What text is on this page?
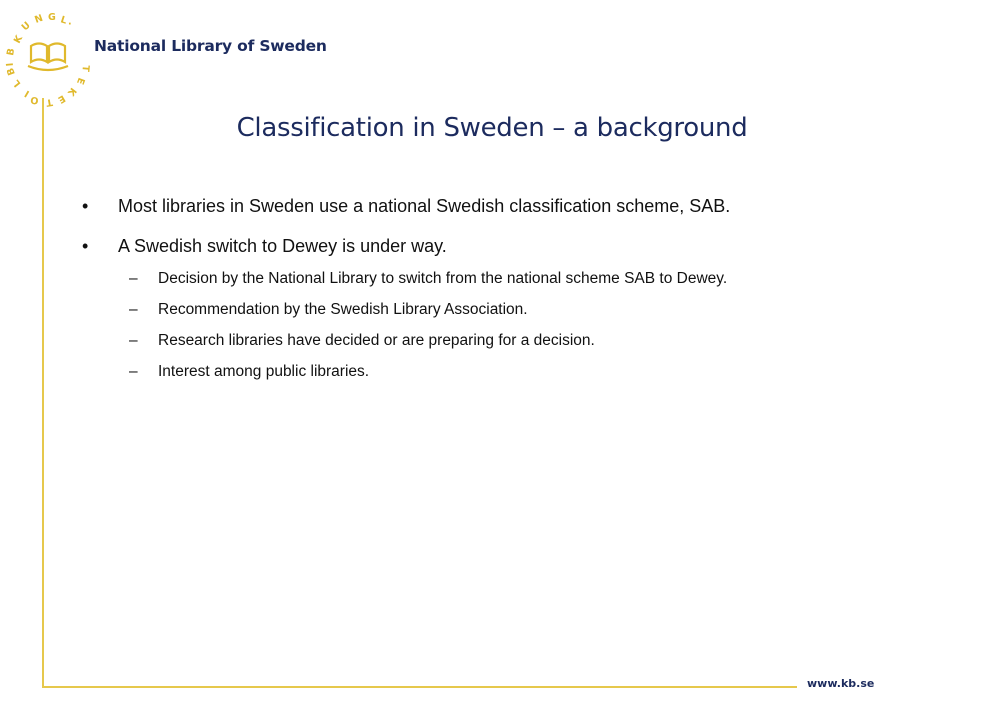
K
U
N G L ·
B
I
B
L
I
O T E
K
E
T
National Library of Sweden
Classification in Sweden – a background
• Most libraries in Sweden use a national Swedish classification scheme, SAB.
• A Swedish switch to Dewey is under way.
– Decision by the National Library to switch from the national scheme SAB to Dewey.
– Recommendation by the Swedish Library Association.
– Research libraries have decided or are preparing for a decision.
– Interest among public libraries.
www.kb.se
